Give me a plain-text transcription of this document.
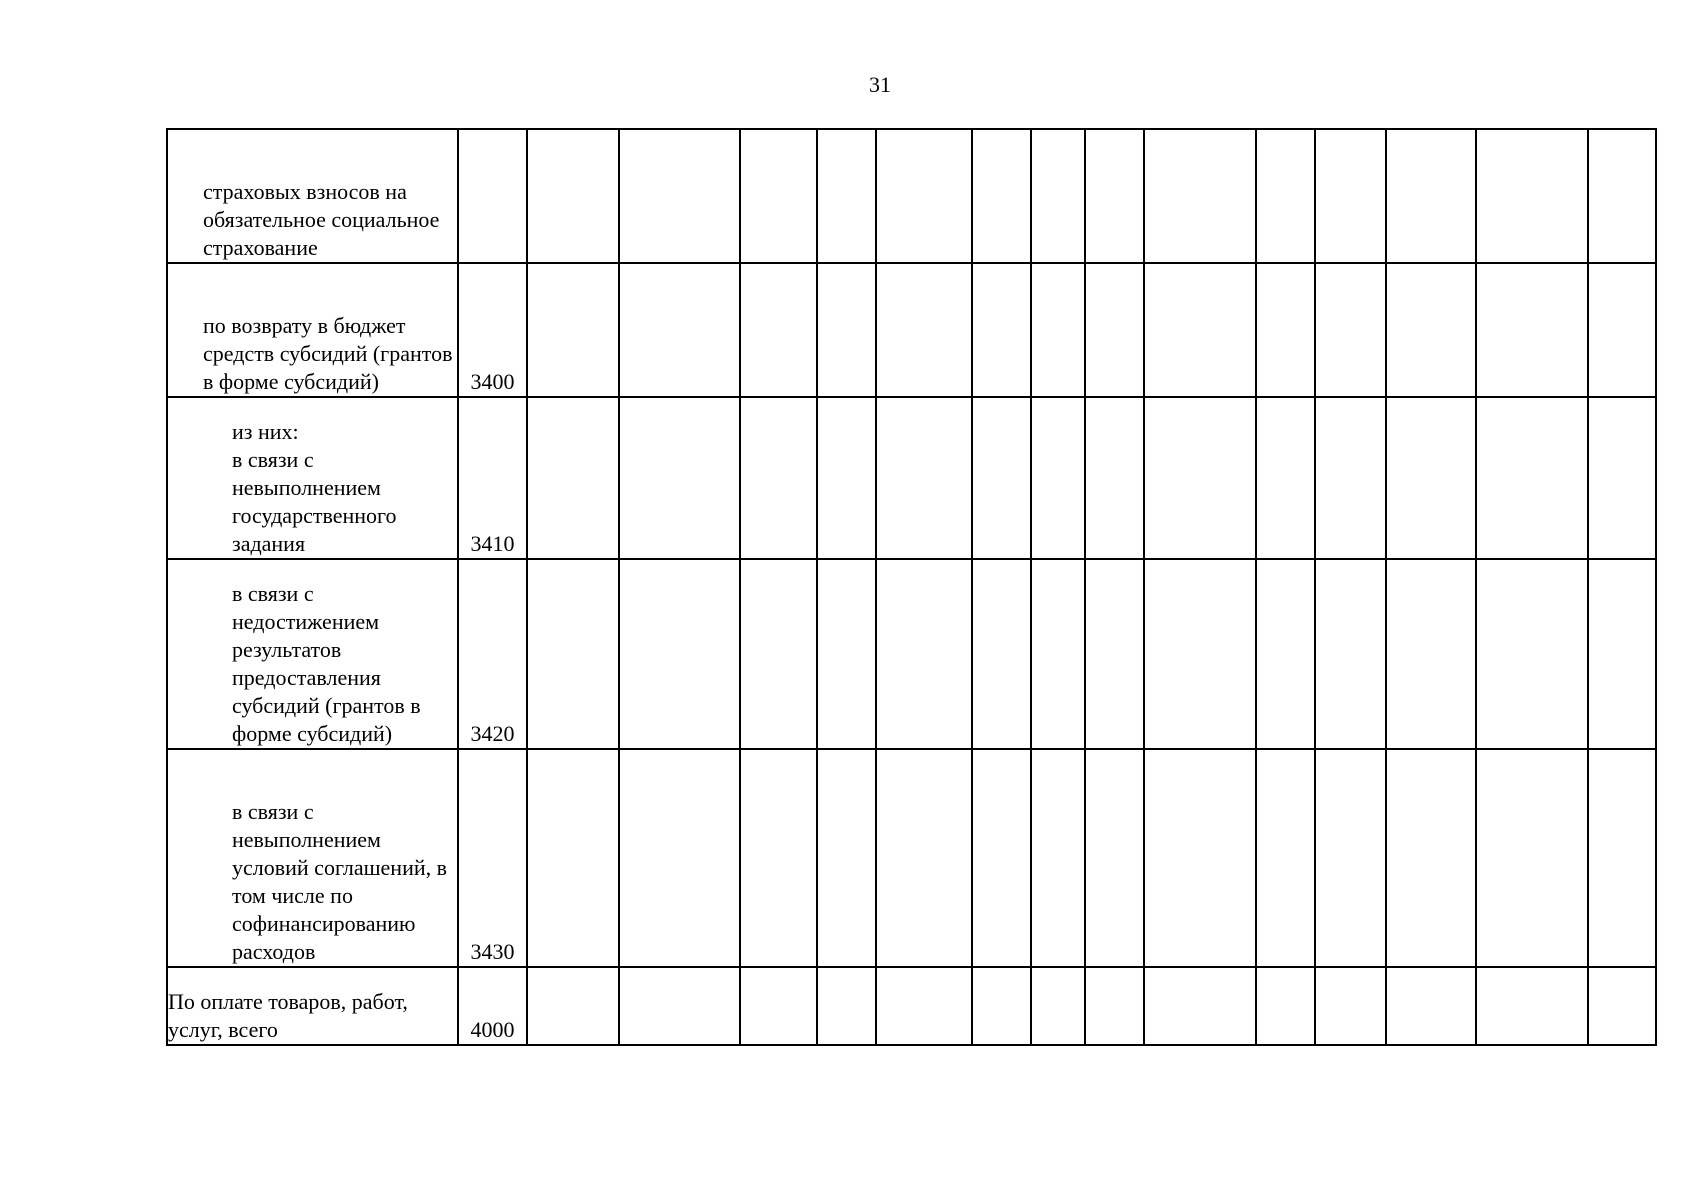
31
страховых взносов на обязательное социальное страхование															

по возврату в бюджет средств субсидий (грантов в форме субсидий)	3400														

из них:
в связи с невыполнением государственного задания	3410														

в связи с недостижением результатов предоставления субсидий (грантов в форме субсидий)	3420														

в связи с невыполнением условий соглашений, в том числе по софинансированию расходов	3430														

По оплате товаров, работ, услуг, всего	4000														
